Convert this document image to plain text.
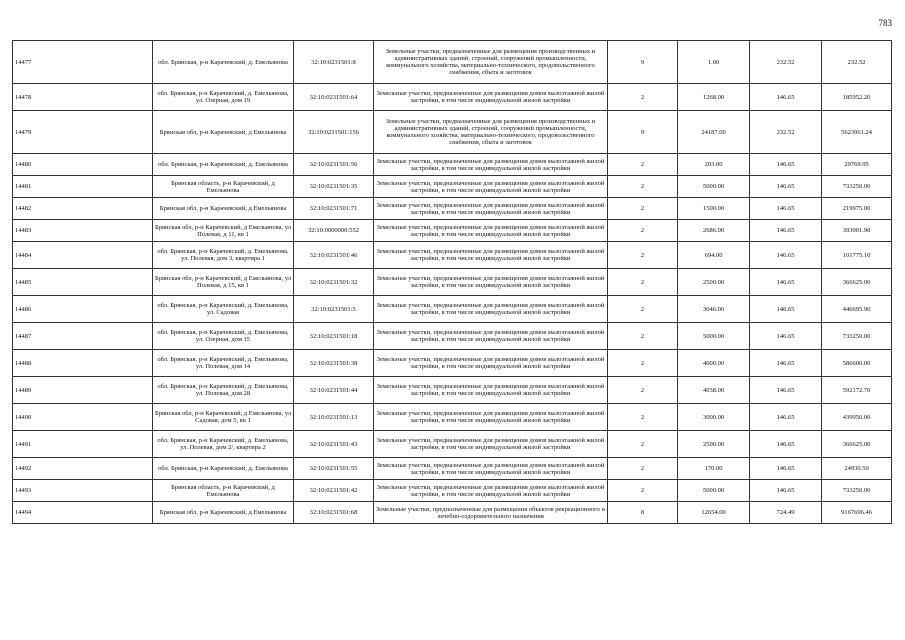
783
14477	обл. Брянская, р-н Карачевский, д. Емельянова	32:10:0231501:8	Земельные участки, предназначенные для размещения производственных и административных зданий, строений, сооружений промышленности, коммунального хозийства, материально-технического, продовольственного снабжения, сбыта и заготовок	9	1.00	232.52	232.52
14478	обл. Брянская, р-н Карачевский, д. Емельянова, ул. Озерная, дом 19	32:10:0231501:64	Земельные участки, предназначенные для размещения домов малоэтажной жилой застройки, в том числе индивидуальной жилой застройки	2	1268.00	146.65	185952.20
14479	Брянская обл, р-н Карачевский, д Емельянова	32:10:0231501:156	Земельные участки, предназначенные для размещения производственных и административных зданий, строений, сооружений промышленности, коммунального хозяйства, материально-технического, продовольственного снабжения, сбыта и заготовок	9	24187.00	232.52	5623961.24
14480	обл. Брянская, р-н Карачевский, д. Емельянова	32:10:0231501:56	Земельные участки, предназначенные для размещения домов малоэтажной жилой застройки, в том числе индивидуальной жилой застройки	2	203.00	146.65	29769.95
14481	Брянская область, р-н Карачевский, д Емельянова	32:10:0231501:35	Земельные участки, предназначенные для размещения домов малоэтажной жилой застройки, в том числе индивидуальной жилой застройки	2	5000.00	146.65	733250.00
14482	Брянская обл, р-н Карачевский, д Емельянова	32:10:0231501:71	Земельные участки, предназначенные для размещения домов малоэтажной жилой застройки, в том числе индивидуальной жилой застройки	2	1500.00	146.65	219975.00
14483	Брянская обл, р-н Карачевский, д Емельянова, ул Полевая, д 11, кв 1	32:10:0000000:552	Земельные участки, предназначенные для размещения домов малоэтажной жилой застройки, в том числе индивидуальной жилой застройки	2	2686.00	146.65	393901.90
14484	обл. Брянская, р-н Карачевский, д. Емельянова, ул. Полевая, дом 3, квартира 1	32:10:0231501:46	Земельные участки, предназначенные для размещения домов малоэтажной жилой застройки, в том числе индивидуальной жилой застройки	2	694.00	146.65	101775.10
14485	Брянская обл, р-н Карачевский, д Емельянова, ул Полевая, д 15, кв 1	32:10:0231501:32	Земельные участки, предназначенные для размещения домов малоэтажной жилой застройки, в том числе индивидуальной жилой застройки	2	2500.00	146.65	366625.00
14486	обл. Брянская, р-н Карачевский, д. Емельянова, ул. Садовая	32:10:0231501:5	Земельные участки, предназначенные для размещения домов малоэтажной жилой застройки, в том числе индивидуальной жилой застройки	2	3046.00	146.65	446695.90
14487	обл. Брянская, р-н Карачевский, д. Емельянова, ул. Озерная, дом 15	32:10:0231501:18	Земельные участки, предназначенные для размещения домов малоэтажной жилой застройки, в том числе индивидуальной жилой застройки	2	5000.00	146.65	733250.00
14488	обл. Брянская, р-н Карачевский, д. Емельянова, ул. Полевая, дом 14	32:10:0231501:38	Земельные участки, предназначенные для размещения домов малоэтажной жилой застройки, в том числе индивидуальной жилой застройки	2	4000.00	146.65	586600.00
14489	обл. Брянская, р-н Карачевский, д. Емельянова, ул. Полевая, дом 28	32:10:0231501:44	Земельные участки, предназначенные для размещения домов малоэтажной жилой застройки, в том числе индивидуальной жилой застройки	2	4038.00	146.65	592172.70
14490	Брянская обл, р-н Карачевский, д Емельянова, ул Садовая, дом 5, кв 1	32:10:0231501:13	Земельные участки, предназначенные для размещения домов малоэтажной жилой застройки, в том числе индивидуальной жилой застройки	2	3000.00	146.65	439950.00
14491	обл. Брянская, р-н Карачевский, д. Емельянова, ул. Полевая, дом 2/, квартира 2	32:10:0231501:43	Земельные участки, предназначенные для размещения домов малоэтажной жилой застройки, в том числе индивидуальной жилой застройки	2	2500.00	146.65	366625.00
14492	обл. Брянская, р-н Карачевский, д. Емельянова	32:10:0231501:55	Земельные участки, предназначенные для размещения домов малоэтажной жилой застройки, в том числе индивидуальной жилой застройки	2	170.00	146.65	24930.50
14493	Брянская область, р-н Карачевский, д Емельянова	32:10:0231501:42	Земельные участки, предназначенные для размещения домов малоэтажной жилой застройки, в том числе индивидуальной жилой застройки	2	5000.00	146.65	733250.00
14494	Брянская обл, р-н Карачевский, д Емельянова	32:10:0231501:68	Земельные участки, предназначенные для размещения объектов рекреационного и лечебно-оздоровительного назначения	8	12654.00	724.49	9167696.46
